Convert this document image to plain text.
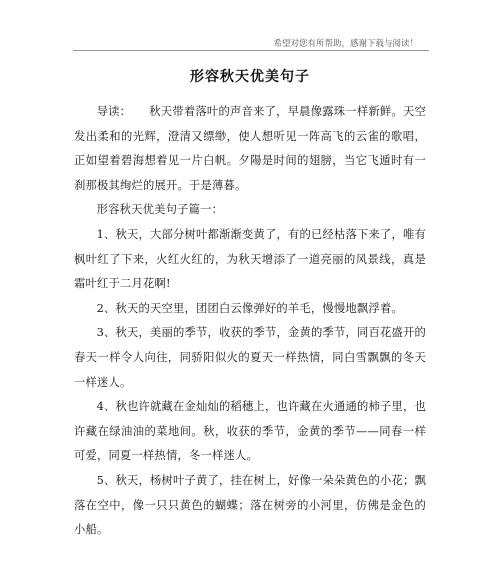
希望对您有所帮助，感谢下载与阅读！
形容秋天优美句子

导读： 秋天带着落叶的声音来了，早晨像露珠一样新鲜。天空发出柔和的光辉，澄清又缥缈，使人想听见一阵高飞的云雀的歌唱，正如望着碧海想着见一片白帆。夕陽是时间的翅膀，当它飞遁时有一刹那极其绚烂的展开。于是薄暮。

形容秋天优美句子篇一：

1、秋天，大部分树叶都渐渐变黄了，有的已经枯落下来了，唯有枫叶红了下来，火红火红的，为秋天增添了一道亮丽的风景线，真是霜叶红于二月花啊!

2、秋天的天空里，团团白云像弹好的羊毛，慢慢地飘浮着。

3、秋天，美丽的季节，收获的季节，金黄的季节，同百花盛开的春天一样令人向往，同骄阳似火的夏天一样热情，同白雪飘飘的冬天一样迷人。

4、秋也许就藏在金灿灿的稻穗上，也许藏在火通通的柿子里，也许藏在绿油油的菜地间。秋，收获的季节，金黄的季节——同春一样可爱，同夏一样热情，冬一样迷人。

5、秋天，杨树叶子黄了，挂在树上，好像一朵朵黄色的小花；飘落在空中，像一只只黄色的蝴蝶；落在树旁的小河里，仿佛是金色的小船。
